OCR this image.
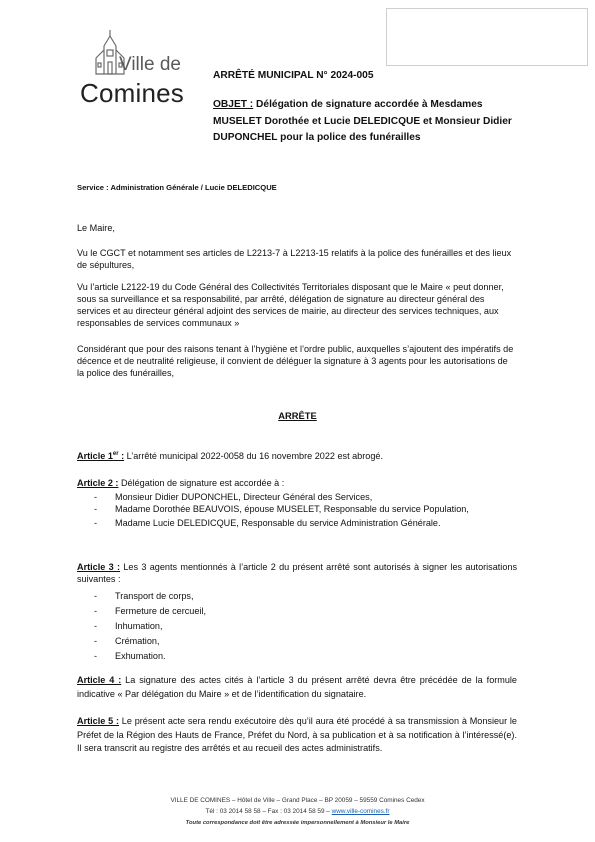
Ville de
Comines
ARRÊTÉ MUNICIPAL N° 2024-005
OBJET : Délégation de signature accordée à Mesdames MUSELET Dorothée et Lucie DELEDICQUE et Monsieur Didier DUPONCHEL pour la police des funérailles
Service : Administration Générale / Lucie DELEDICQUE
Le Maire,
Vu le CGCT et notamment ses articles de L2213-7 à L2213-15 relatifs à la police des funérailles et des lieux de sépultures,
Vu l’article L2122-19 du Code Général des Collectivités Territoriales disposant que le Maire « peut donner, sous sa surveillance et sa responsabilité, par arrêté, délégation de signature au directeur général des services et au directeur général adjoint des services de mairie, au directeur des services techniques, aux responsables de services communaux »
Considérant que pour des raisons tenant à l’hygiène et l’ordre public, auxquelles s’ajoutent des impératifs de décence et de neutralité religieuse, il convient de déléguer la signature à 3 agents pour les autorisations de la police des funérailles,
ARRÊTE
Article 1er : L’arrêté municipal 2022-0058 du 16 novembre 2022 est abrogé.
Article 2 : Délégation de signature est accordée à :
- Monsieur Didier DUPONCHEL, Directeur Général des Services,
- Madame Dorothée BEAUVOIS, épouse MUSELET, Responsable du service Population,
- Madame Lucie DELEDICQUE, Responsable du service Administration Générale.
Article 3 : Les 3 agents mentionnés à l’article 2 du présent arrêté sont autorisés à signer les autorisations suivantes :
- Transport de corps,
- Fermeture de cercueil,
- Inhumation,
- Crémation,
- Exhumation.
Article 4 : La signature des actes cités à l’article 3 du présent arrêté devra être précédée de la formule indicative « Par délégation du Maire » et de l’identification du signataire.
Article 5 : Le présent acte sera rendu exécutoire dès qu’il aura été procédé à sa transmission à Monsieur le Préfet de la Région des Hauts de France, Préfet du Nord, à sa publication et à sa notification à l’intéressé(e). Il sera transcrit au registre des arrêtés et au recueil des actes administratifs.
VILLE DE COMINES – Hôtel de Ville – Grand Place – BP 20059 – 59559 Comines Cedex
Tél : 03 2014 58 58 – Fax : 03 2014 58 59 – www.ville-comines.fr
Toute correspondance doit être adressée impersonnellement à Monsieur le Maire
